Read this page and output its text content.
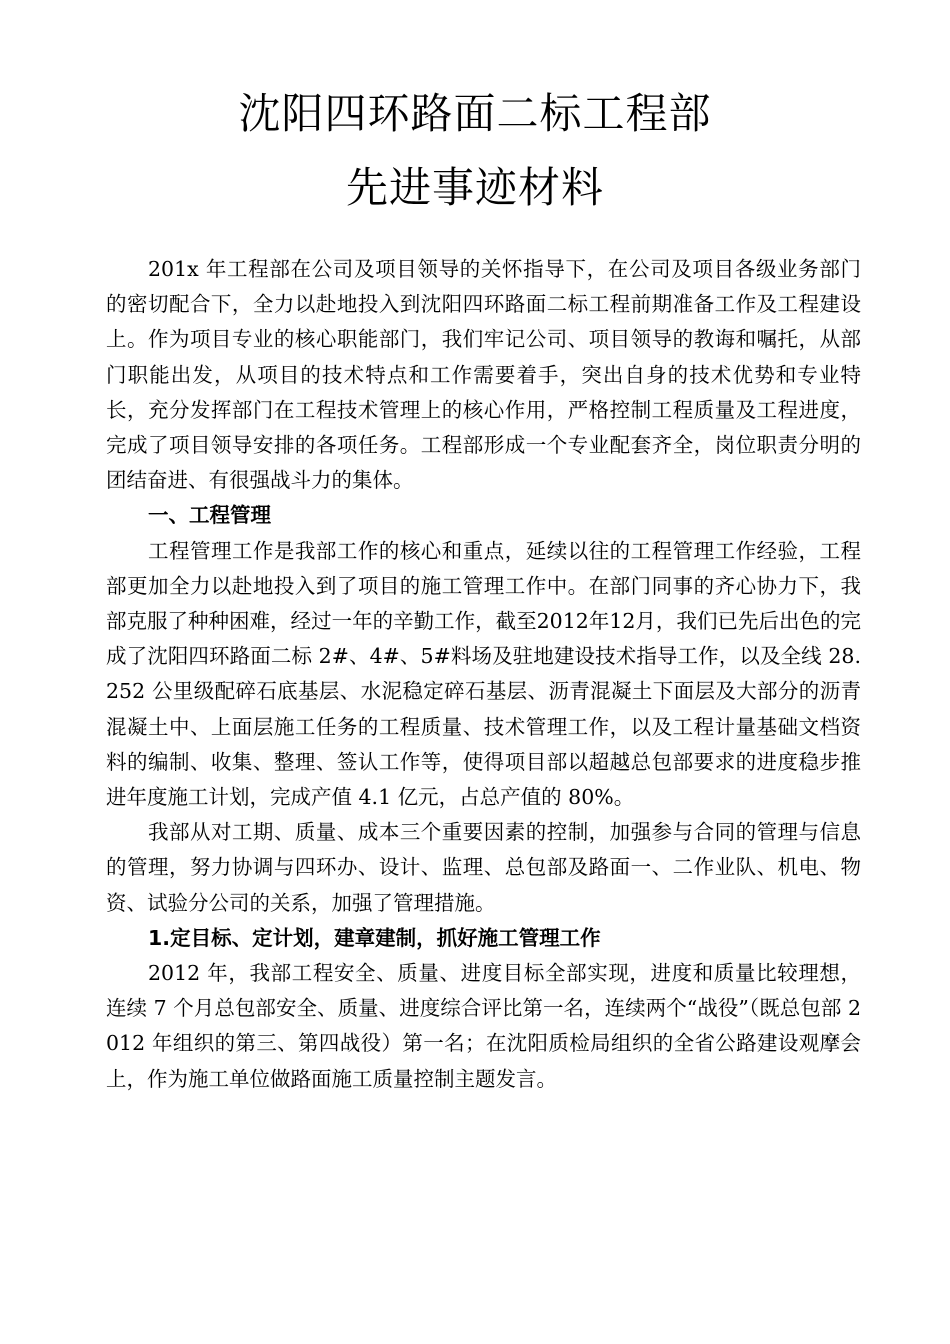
沈阳四环路面二标工程部
先进事迹材料

201x 年工程部在公司及项目领导的关怀指导下，在公司及项目各级业务部门的密切配合下，全力以赴地投入到沈阳四环路面二标工程前期准备工作及工程建设上。作为项目专业的核心职能部门，我们牢记公司、项目领导的教诲和嘱托，从部门职能出发，从项目的技术特点和工作需要着手，突出自身的技术优势和专业特长，充分发挥部门在工程技术管理上的核心作用，严格控制工程质量及工程进度，完成了项目领导安排的各项任务。工程部形成一个专业配套齐全，岗位职责分明的团结奋进、有很强战斗力的集体。

一、工程管理

工程管理工作是我部工作的核心和重点，延续以往的工程管理工作经验，工程部更加全力以赴地投入到了项目的施工管理工作中。在部门同事的齐心协力下，我部克服了种种困难，经过一年的辛勤工作，截至2012年12月，我们已先后出色的完成了沈阳四环路面二标 2#、4#、5#料场及驻地建设技术指导工作，以及全线 28.252 公里级配碎石底基层、水泥稳定碎石基层、沥青混凝土下面层及大部分的沥青混凝土中、上面层施工任务的工程质量、技术管理工作，以及工程计量基础文档资料的编制、收集、整理、签认工作等，使得项目部以超越总包部要求的进度稳步推进年度施工计划，完成产值 4.1 亿元，占总产值的 80%。

我部从对工期、质量、成本三个重要因素的控制，加强参与合同的管理与信息的管理，努力协调与四环办、设计、监理、总包部及路面一、二作业队、机电、物资、试验分公司的关系，加强了管理措施。

1.定目标、定计划，建章建制，抓好施工管理工作

2012 年，我部工程安全、质量、进度目标全部实现，进度和质量比较理想，连续 7 个月总包部安全、质量、进度综合评比第一名，连续两个“战役”（既总包部 2012 年组织的第三、第四战役）第一名；在沈阳质检局组织的全省公路建设观摩会上，作为施工单位做路面施工质量控制主题发言。
